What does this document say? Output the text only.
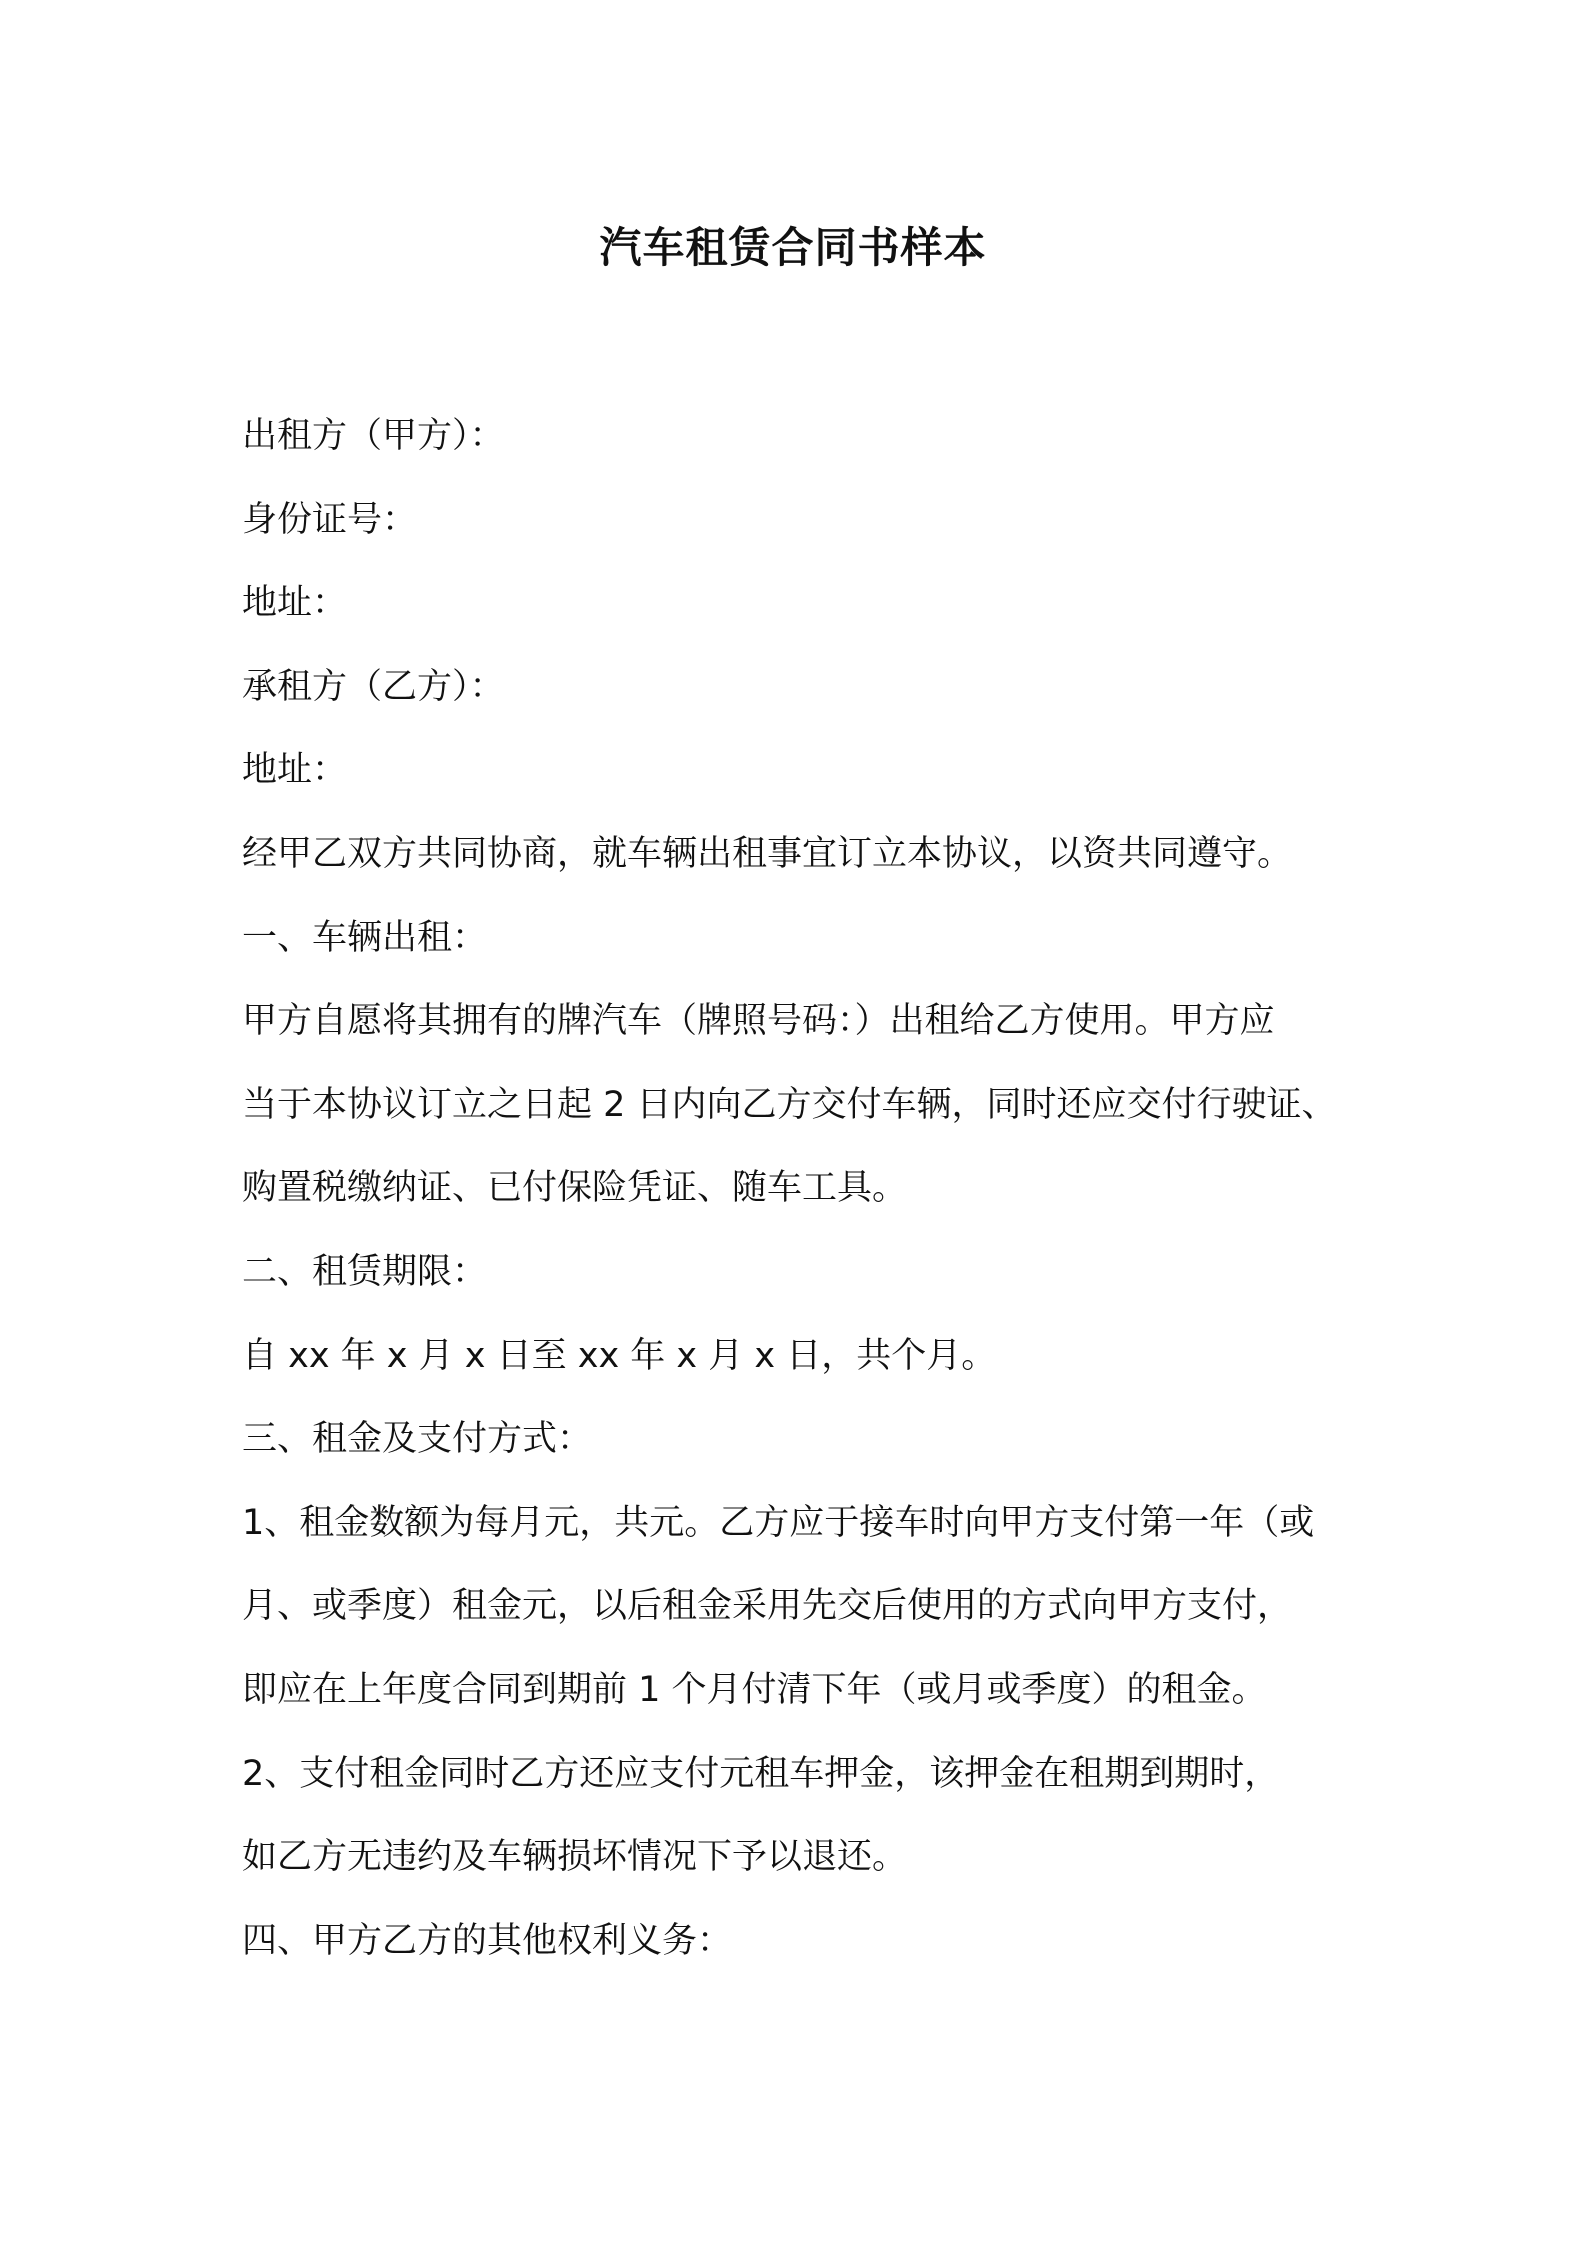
汽车租赁合同书样本
出租方（甲方）：
身份证号：
地址：
承租方（乙方）：
地址：
经甲乙双方共同协商，就车辆出租事宜订立本协议，以资共同遵守。
一、车辆出租：
甲方自愿将其拥有的牌汽车（牌照号码：）出租给乙方使用。甲方应
当于本协议订立之日起 2 日内向乙方交付车辆，同时还应交付行驶证、
购置税缴纳证、已付保险凭证、随车工具。
二、租赁期限：
自 xx 年 x 月 x 日至 xx 年 x 月 x 日，共个月。
三、租金及支付方式：
1、租金数额为每月元，共元。乙方应于接车时向甲方支付第一年（或
月、或季度）租金元，以后租金采用先交后使用的方式向甲方支付，
即应在上年度合同到期前 1 个月付清下年（或月或季度）的租金。
2、支付租金同时乙方还应支付元租车押金，该押金在租期到期时，
如乙方无违约及车辆损坏情况下予以退还。
四、甲方乙方的其他权利义务：
